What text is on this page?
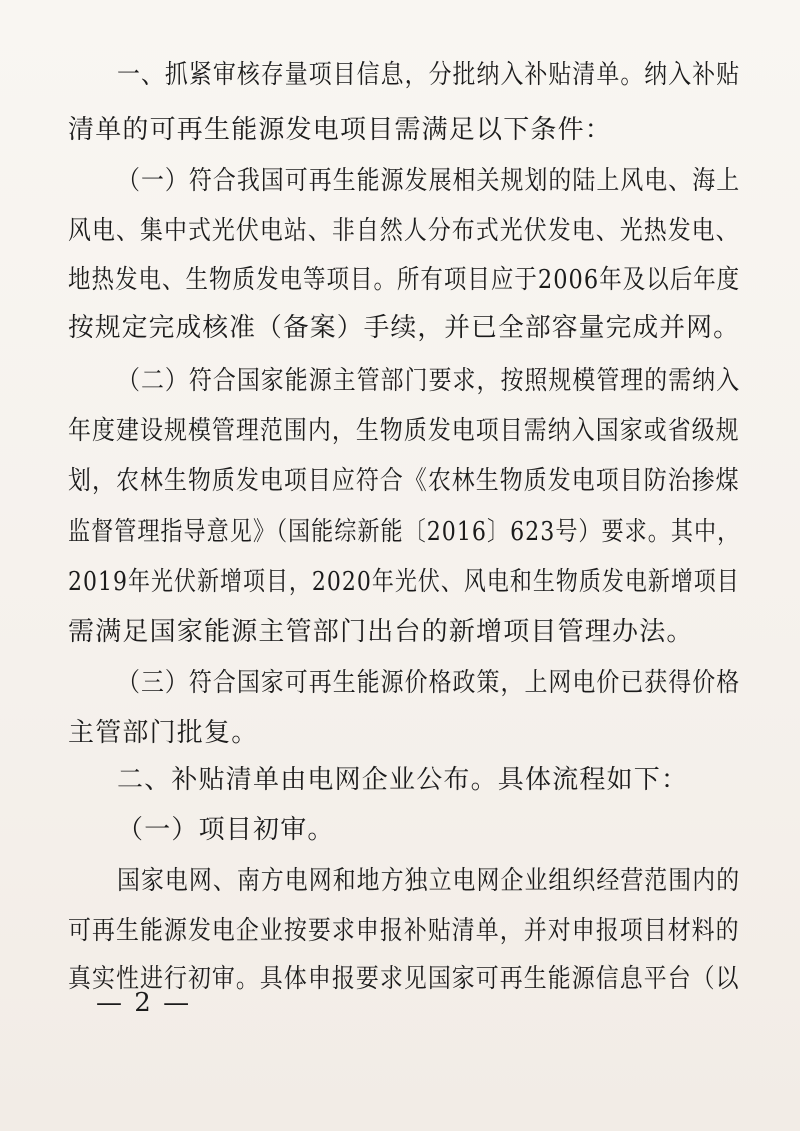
一、抓紧审核存量项目信息，分批纳入补贴清单。纳入补贴
清单的可再生能源发电项目需满足以下条件：
（一）符合我国可再生能源发展相关规划的陆上风电、海上
风电、集中式光伏电站、非自然人分布式光伏发电、光热发电、
地热发电、生物质发电等项目。所有项目应于2006年及以后年度
按规定完成核准（备案）手续，并已全部容量完成并网。
（二）符合国家能源主管部门要求，按照规模管理的需纳入
年度建设规模管理范围内，生物质发电项目需纳入国家或省级规
划，农林生物质发电项目应符合《农林生物质发电项目防治掺煤
监督管理指导意见》（国能综新能〔2016〕623号）要求。其中，
2019年光伏新增项目，2020年光伏、风电和生物质发电新增项目
需满足国家能源主管部门出台的新增项目管理办法。
（三）符合国家可再生能源价格政策，上网电价已获得价格
主管部门批复。
二、补贴清单由电网企业公布。具体流程如下：
（一）项目初审。
国家电网、南方电网和地方独立电网企业组织经营范围内的
可再生能源发电企业按要求申报补贴清单，并对申报项目材料的
真实性进行初审。具体申报要求见国家可再生能源信息平台（以
— 2 —
